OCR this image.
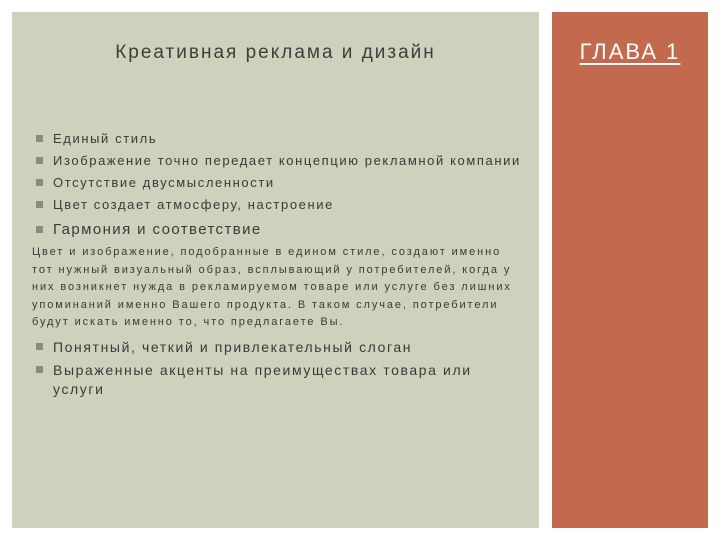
Креативная реклама и дизайн
Единый стиль
Изображение точно передает концепцию рекламной компании
Отсутствие двусмысленности
Цвет создает атмосферу, настроение
Гармония и соответствие

Цвет и изображение, подобранные в едином стиле, создают именно тот нужный визуальный образ, всплывающий у потребителей, когда у них возникнет нужда в рекламируемом товаре или услуге без лишних упоминаний именно Вашего продукта. В таком случае, потребители будут искать именно то, что предлагаете Вы.

Понятный, четкий и привлекательный слоган
Выраженные акценты на преимуществах товара или услуги
ГЛАВА 1
